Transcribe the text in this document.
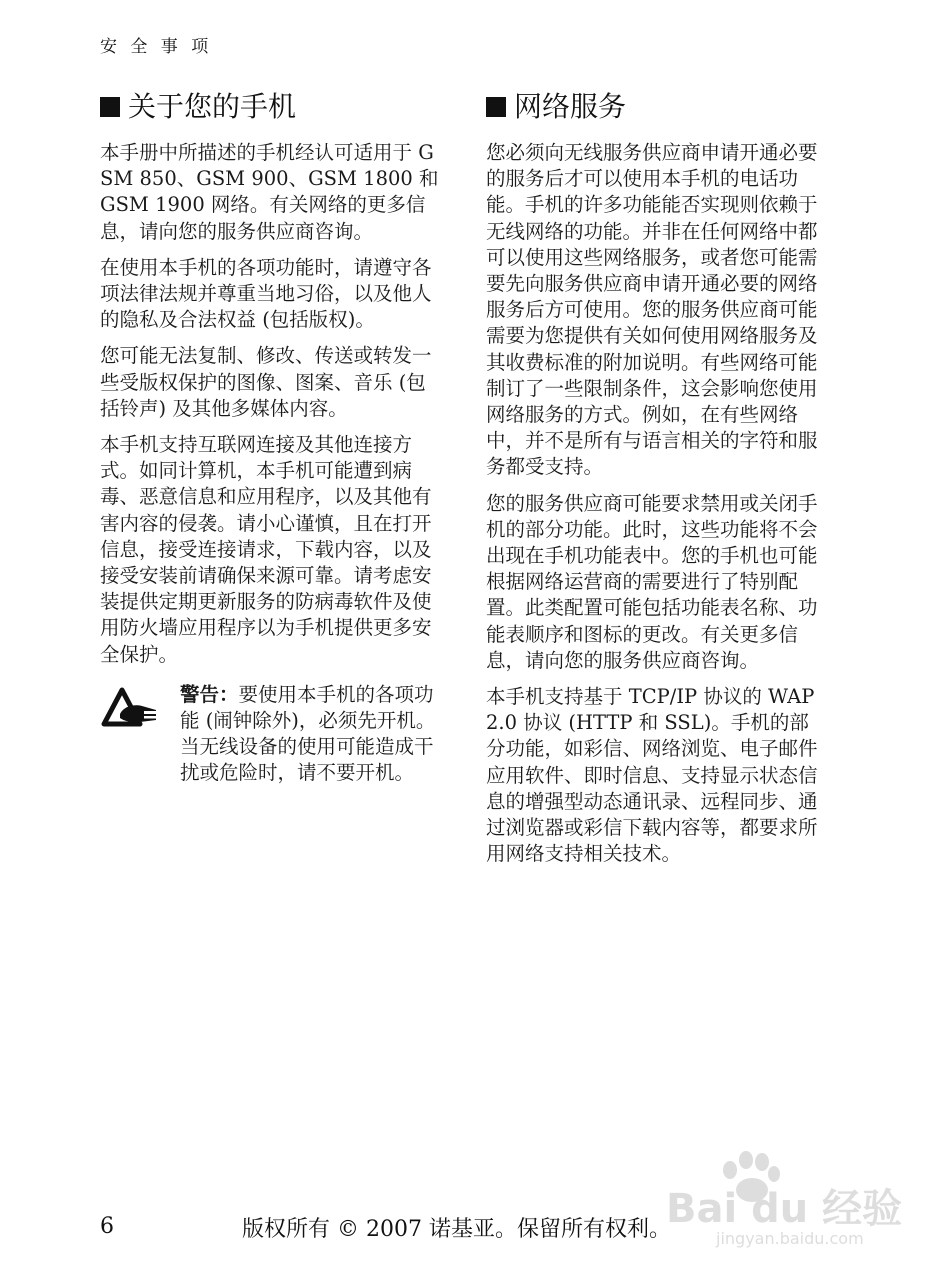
安 全 事 项
关于您的手机

本手册中所描述的手机经认可适用于 GSM 850、GSM 900、GSM 1800 和 GSM 1900 网络。有关网络的更多信息，请向您的服务供应商咨询。

在使用本手机的各项功能时，请遵守各项法律法规并尊重当地习俗，以及他人的隐私及合法权益 (包括版权)。

您可能无法复制、修改、传送或转发一些受版权保护的图像、图案、音乐 (包括铃声) 及其他多媒体内容。

本手机支持互联网连接及其他连接方式。如同计算机，本手机可能遭到病毒、恶意信息和应用程序，以及其他有害内容的侵袭。请小心谨慎，且在打开信息，接受连接请求，下载内容，以及接受安装前请确保来源可靠。请考虑安装提供定期更新服务的防病毒软件及使用防火墙应用程序以为手机提供更多安全保护。

警告：要使用本手机的各项功能 (闹钟除外)，必须先开机。当无线设备的使用可能造成干扰或危险时，请不要开机。
网络服务

您必须向无线服务供应商申请开通必要的服务后才可以使用本手机的电话功能。手机的许多功能能否实现则依赖于无线网络的功能。并非在任何网络中都可以使用这些网络服务，或者您可能需要先向服务供应商申请开通必要的网络服务后方可使用。您的服务供应商可能需要为您提供有关如何使用网络服务及其收费标准的附加说明。有些网络可能制订了一些限制条件，这会影响您使用网络服务的方式。例如，在有些网络中，并不是所有与语言相关的字符和服务都受支持。

您的服务供应商可能要求禁用或关闭手机的部分功能。此时，这些功能将不会出现在手机功能表中。您的手机也可能根据网络运营商的需要进行了特别配置。此类配置可能包括功能表名称、功能表顺序和图标的更改。有关更多信息，请向您的服务供应商咨询。

本手机支持基于 TCP/IP 协议的 WAP 2.0 协议 (HTTP 和 SSL)。手机的部分功能，如彩信、网络浏览、电子邮件应用软件、即时信息、支持显示状态信息的增强型动态通讯录、远程同步、通过浏览器或彩信下载内容等，都要求所用网络支持相关技术。

6	版权所有 © 2007 诺基亚。保留所有权利。
Bai du 经验
jingyan.baidu.com
